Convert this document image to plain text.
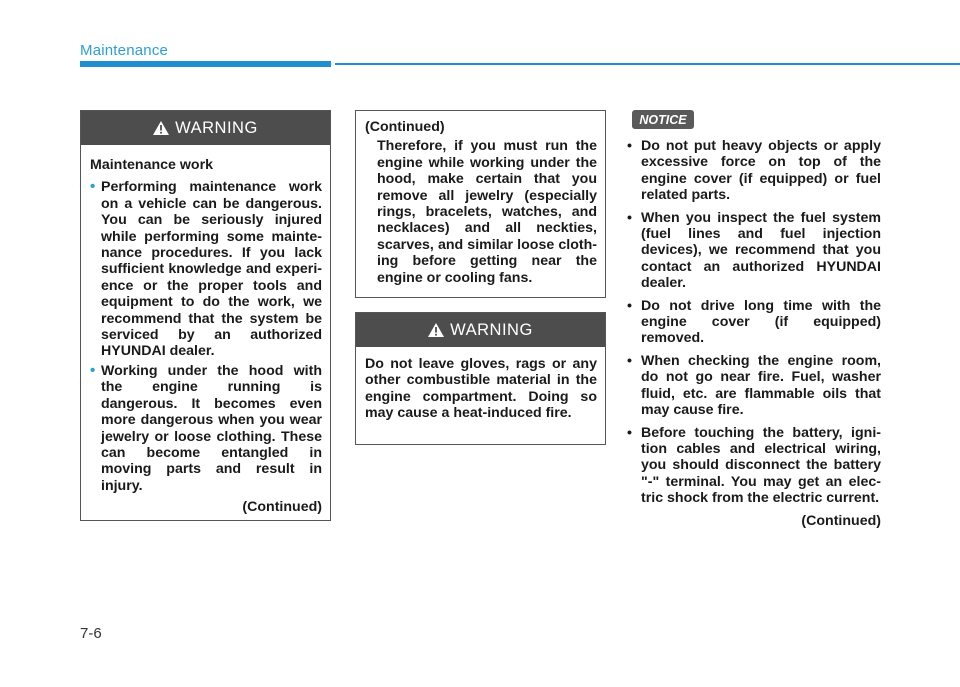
Maintenance
WARNING
Maintenance work
• Performing maintenance work on a vehicle can be dangerous. You can be seriously injured while performing some mainte-nance procedures. If you lack sufficient knowledge and experi-ence or the proper tools and equipment to do the work, we recommend that the system be serviced by an authorized HYUNDAI dealer.
• Working under the hood with the engine running is dangerous. It becomes even more dangerous when you wear jewelry or loose clothing. These can become entangled in moving parts and result in injury.
(Continued)
(Continued)
Therefore, if you must run the engine while working under the hood, make certain that you remove all jewelry (especially rings, bracelets, watches, and necklaces) and all neckties, scarves, and similar loose cloth-ing before getting near the engine or cooling fans.
WARNING
Do not leave gloves, rags or any other combustible material in the engine compartment. Doing so may cause a heat-induced fire.
NOTICE
• Do not put heavy objects or apply excessive force on top of the engine cover (if equipped) or fuel related parts.
• When you inspect the fuel system (fuel lines and fuel injection devices), we recommend that you contact an authorized HYUNDAI dealer.
• Do not drive long time with the engine cover (if equipped) removed.
• When checking the engine room, do not go near fire. Fuel, washer fluid, etc. are flammable oils that may cause fire.
• Before touching the battery, igni-tion cables and electrical wiring, you should disconnect the battery "-" terminal. You may get an elec-tric shock from the electric current.
(Continued)
7-6
